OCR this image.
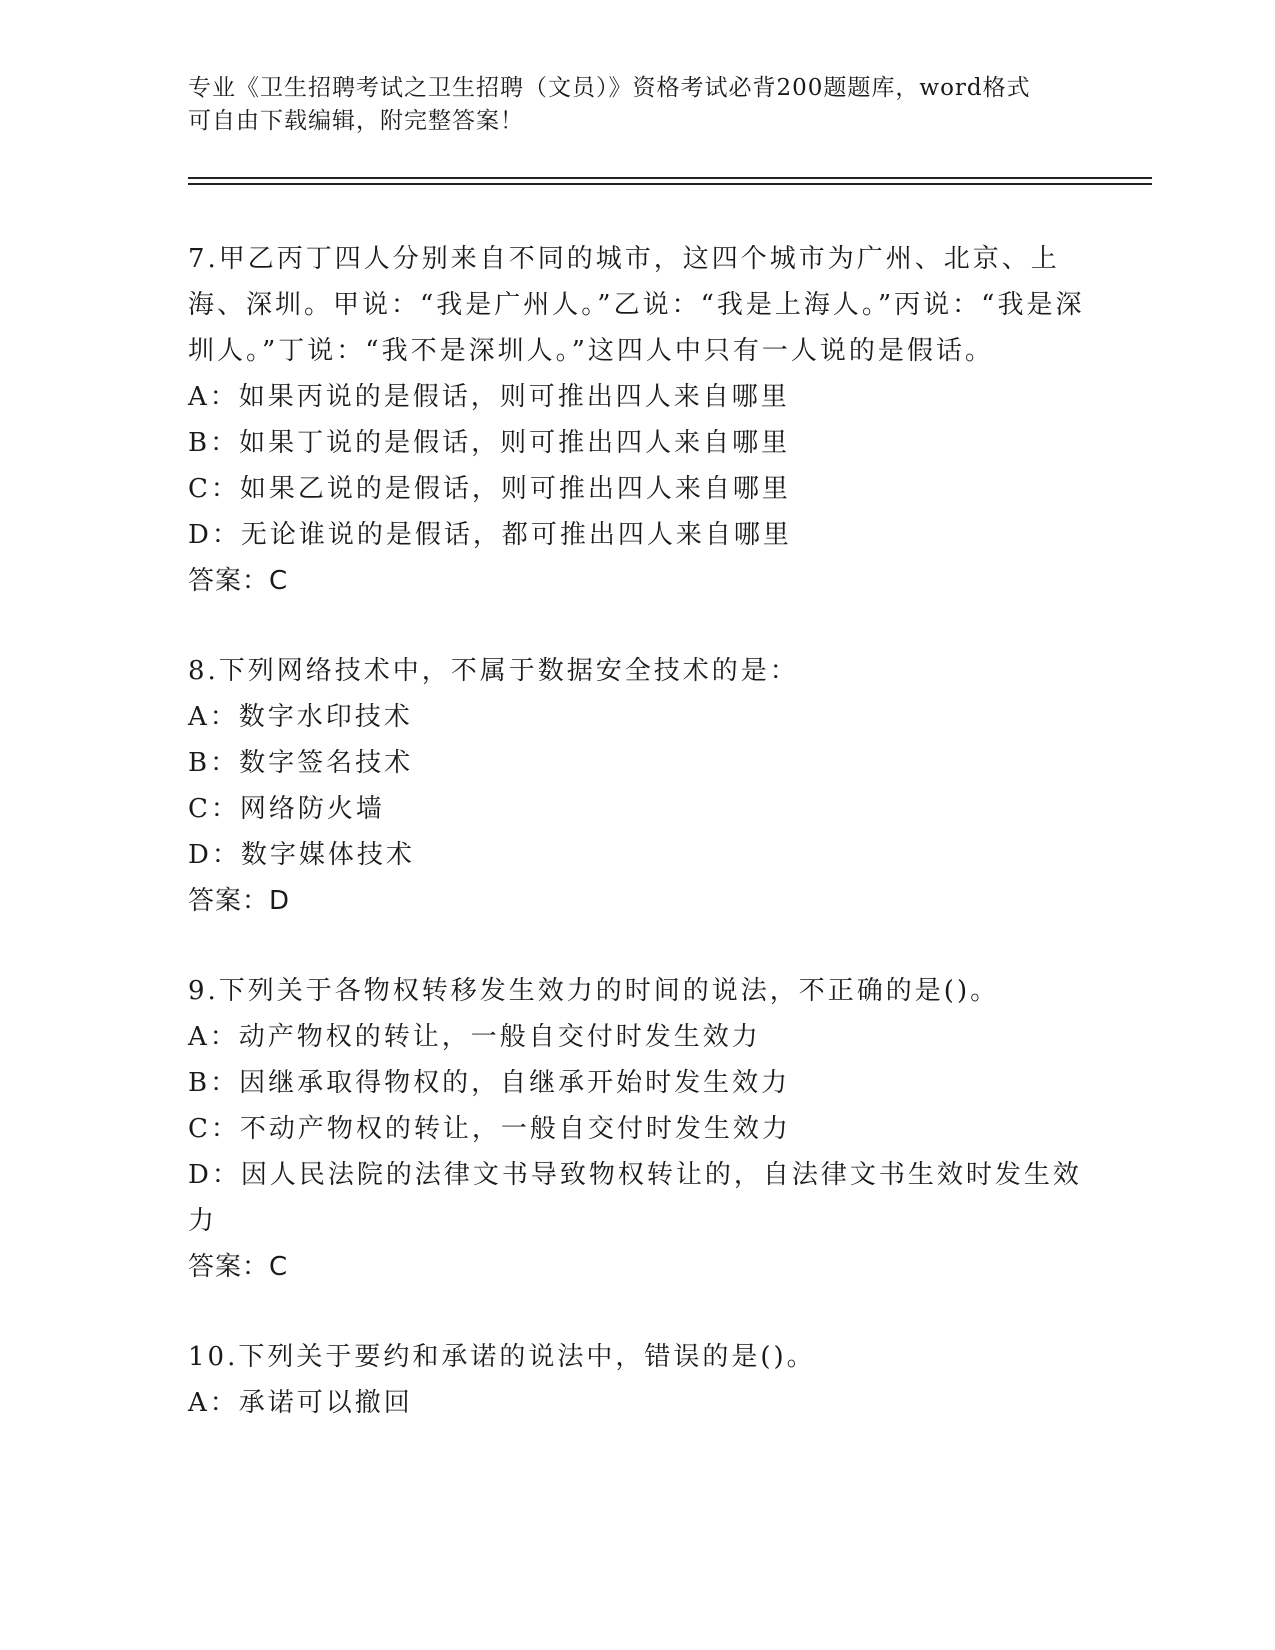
专业《卫生招聘考试之卫生招聘（文员）》资格考试必背200题题库，word格式
可自由下载编辑，附完整答案！

7.甲乙丙丁四人分别来自不同的城市，这四个城市为广州、北京、上海、深圳。甲说：“我是广州人。”乙说：“我是上海人。”丙说：“我是深圳人。”丁说：“我不是深圳人。”这四人中只有一人说的是假话。

A：如果丙说的是假话，则可推出四人来自哪里

B：如果丁说的是假话，则可推出四人来自哪里

C：如果乙说的是假话，则可推出四人来自哪里

D：无论谁说的是假话，都可推出四人来自哪里

答案：C

8.下列网络技术中，不属于数据安全技术的是：

A：数字水印技术

B：数字签名技术

C：网络防火墙

D：数字媒体技术

答案：D

9.下列关于各物权转移发生效力的时间的说法，不正确的是()。

A：动产物权的转让，一般自交付时发生效力

B：因继承取得物权的，自继承开始时发生效力

C：不动产物权的转让，一般自交付时发生效力

D：因人民法院的法律文书导致物权转让的，自法律文书生效时发生效力

答案：C

10.下列关于要约和承诺的说法中，错误的是()。

A：承诺可以撤回
